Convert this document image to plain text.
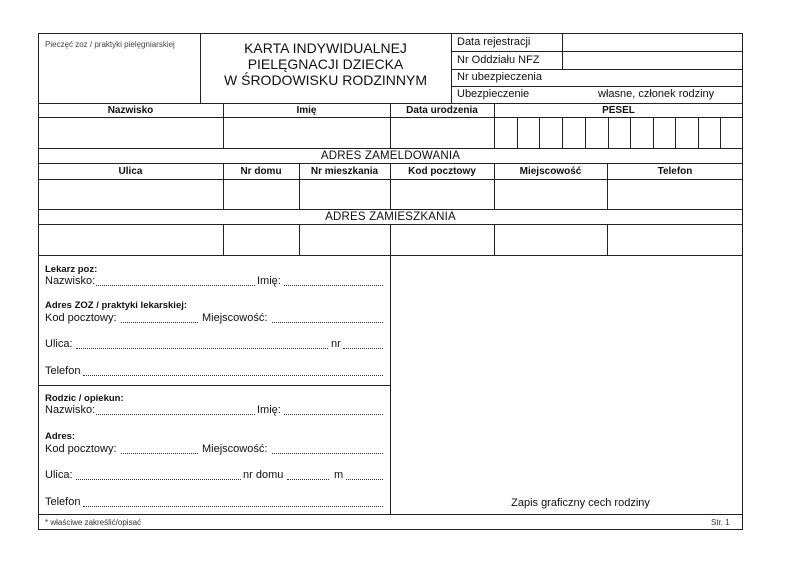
Pieczęć zoz / praktyki pielęgniarskiej	KARTA INDYWIDUALNEJ
PIELĘGNACJI DZIECKA
W ŚRODOWISKU RODZINNYM
Data rejestracji
Nr Oddziału NFZ
Nr ubezpieczenia
Ubezpieczenie	własne, członek rodziny
Nazwisko	Imię	Data urodzenia	PESEL
ADRES ZAMELDOWANIA
Ulica	Nr domu	Nr mieszkania	Kod pocztowy	Miejscowość	Telefon
ADRES ZAMIESZKANIA
Lekarz poz:
Nazwisko:	Imię:
Adres ZOZ / praktyki lekarskiej:
Kod pocztowy:	Miejscowość:
Ulica:	nr
Telefon
Rodzic / opiekun:
Nazwisko:	Imię:
Adres:
Kod pocztowy:	Miejscowość:
Ulica:	nr domu	m
Telefon	Zapis graficzny cech rodziny
* właściwe zakreślić/opisać	Str. 1
